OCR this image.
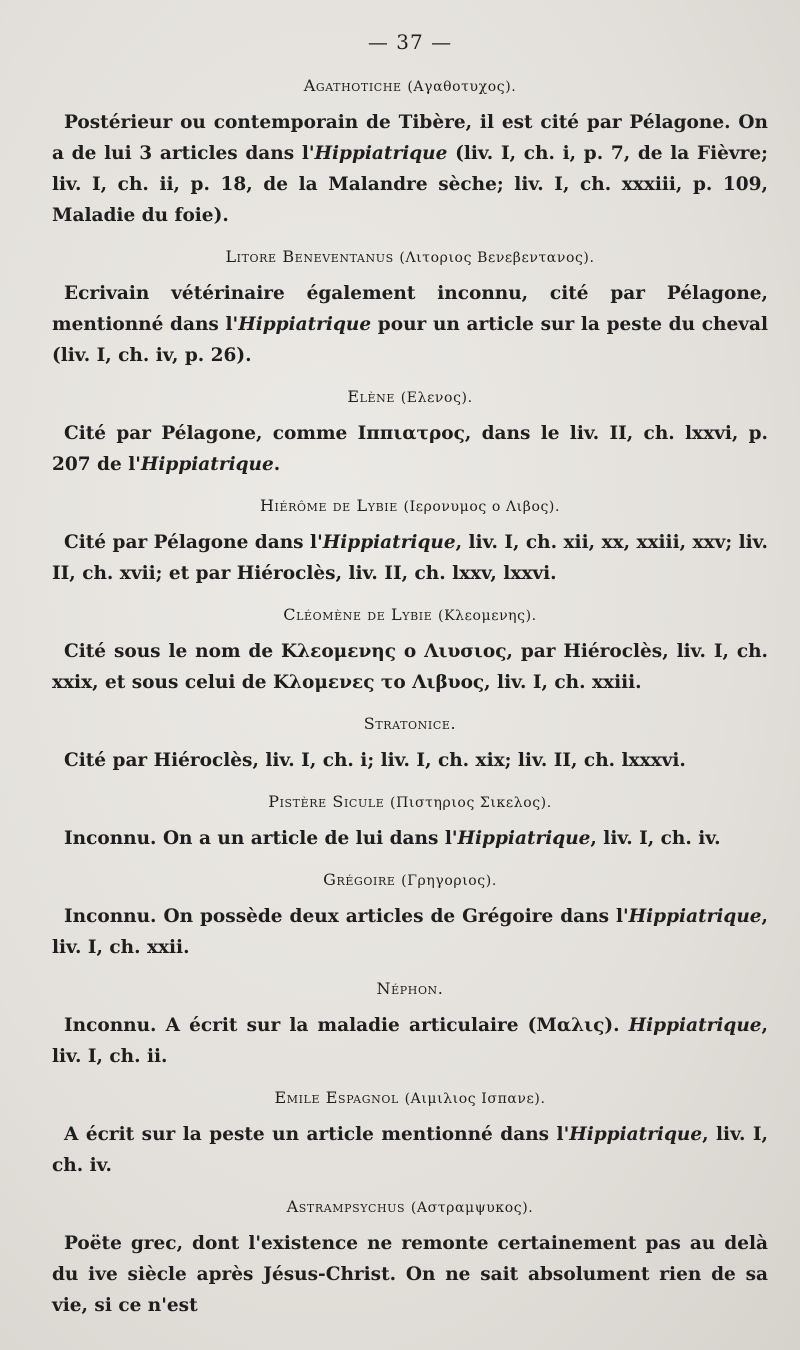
— 37 —
Agathotiche (Αγαθοτυχος).

Postérieur ou contemporain de Tibère, il est cité par Pélagone. On a de lui 3 articles dans l'Hippiatrique (liv. I, ch. i, p. 7, de la Fièvre; liv. I, ch. ii, p. 18, de la Malandre sèche; liv. I, ch. xxxiii, p. 109, Maladie du foie).

Litore Beneventanus (Λιτοριος Βενεβεντανος).

Ecrivain vétérinaire également inconnu, cité par Pélagone, mentionné dans l'Hippiatrique pour un article sur la peste du cheval (liv. I, ch. iv, p. 26).

Elène (Ελενος).

Cité par Pélagone, comme Ιππιατρος, dans le liv. II, ch. lxxvi, p. 207 de l'Hippiatrique.

Hiérôme de Lybie (Ιερονυμος ο Λιβος).

Cité par Pélagone dans l'Hippiatrique, liv. I, ch. xii, xx, xxiii, xxv; liv. II, ch. xvii; et par Hiéroclès, liv. II, ch. lxxv, lxxvi.

Cléomène de Lybie (Κλεομενης).

Cité sous le nom de Κλεομενης ο Λιυσιος, par Hiéroclès, liv. I, ch. xxix, et sous celui de Κλομενες το Λιβυος, liv. I, ch. xxiii.

Stratonice.

Cité par Hiéroclès, liv. I, ch. i; liv. I, ch. xix; liv. II, ch. lxxxvi.

Pistère Sicule (Πιστηριος Σικελος).

Inconnu. On a un article de lui dans l'Hippiatrique, liv. I, ch. iv.

Grégoire (Γρηγοριος).

Inconnu. On possède deux articles de Grégoire dans l'Hippiatrique, liv. I, ch. xxii.

Néphon.

Inconnu. A écrit sur la maladie articulaire (Μαλις). Hippiatrique, liv. I, ch. ii.

Emile Espagnol (Αιμιλιος Ισπανε).

A écrit sur la peste un article mentionné dans l'Hippiatrique, liv. I, ch. iv.

Astrampsychus (Αστραμψυκος).

Poëte grec, dont l'existence ne remonte certainement pas au delà du ive siècle après Jésus-Christ. On ne sait absolument rien de sa vie, si ce n'est
